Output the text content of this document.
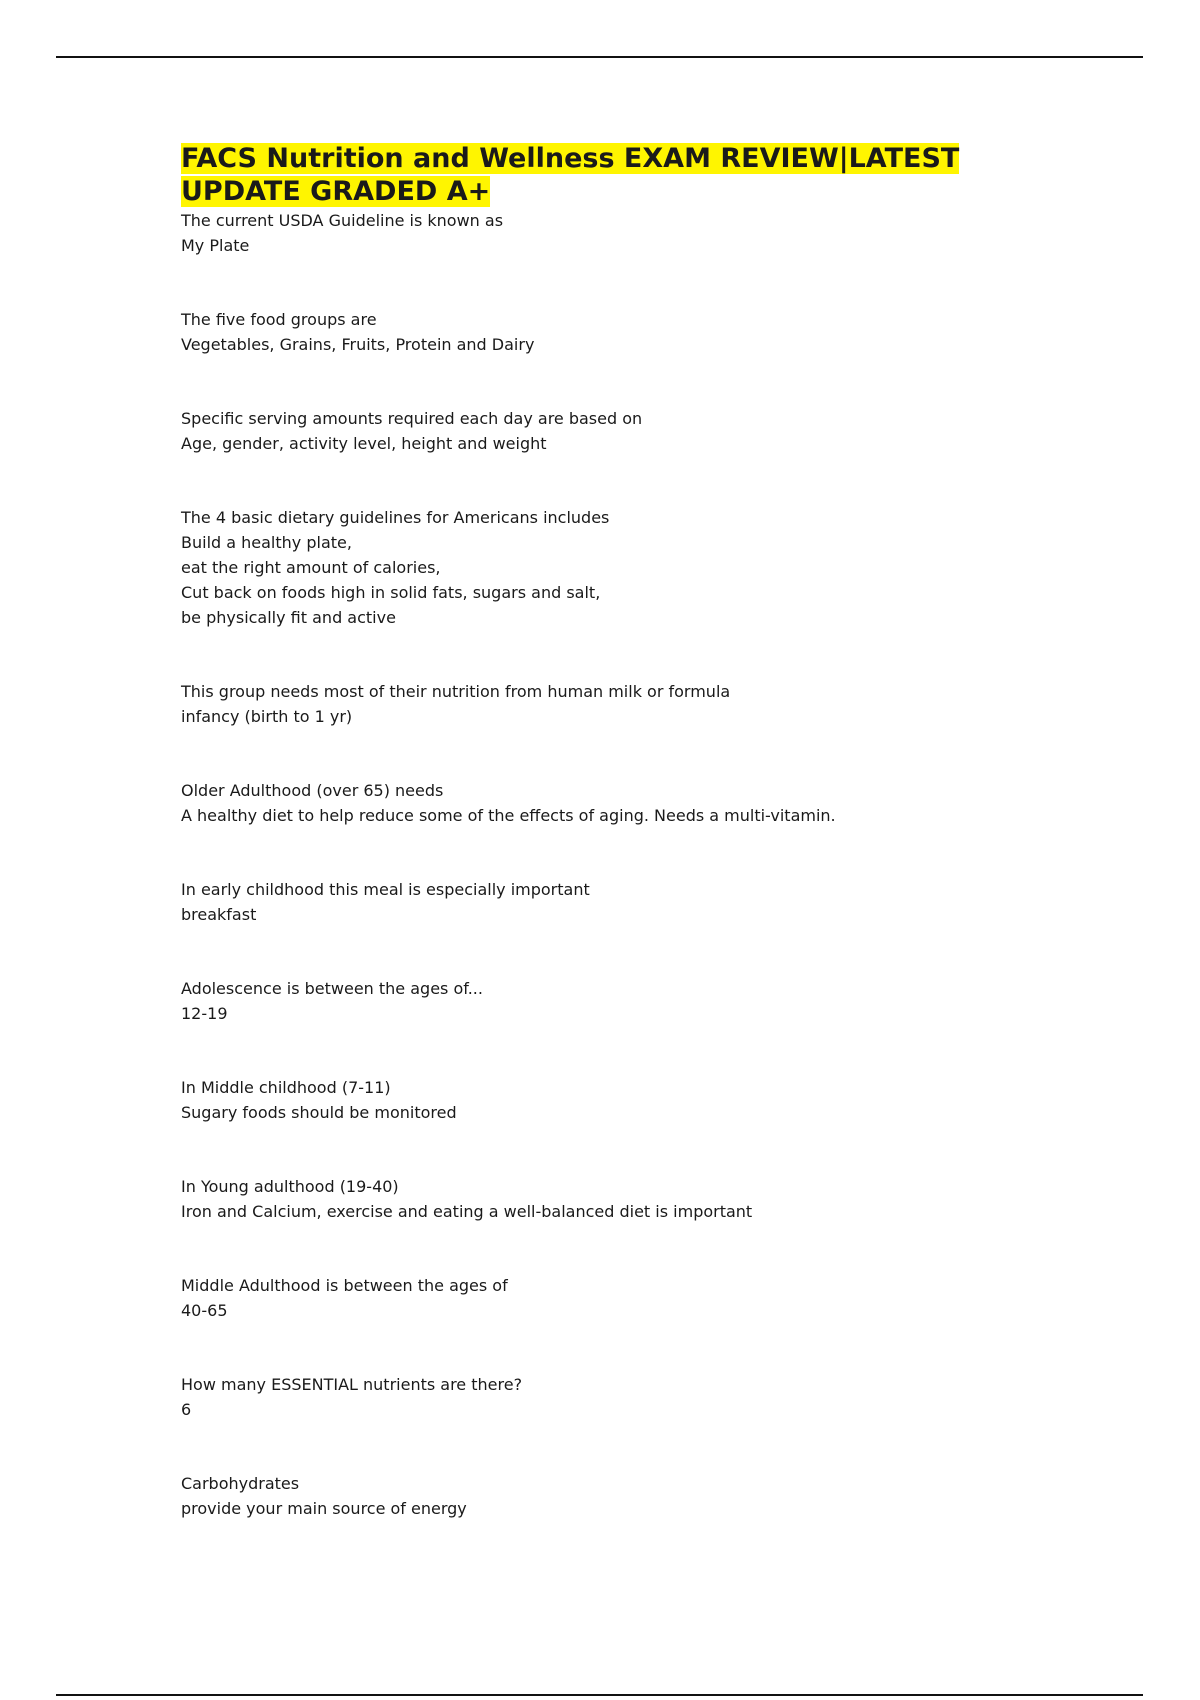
FACS Nutrition and Wellness EXAM REVIEW|LATEST UPDATE GRADED A+
The current USDA Guideline is known as
My Plate
The five food groups are
Vegetables, Grains, Fruits, Protein and Dairy
Specific serving amounts required each day are based on
Age, gender, activity level, height and weight
The 4 basic dietary guidelines for Americans includes
Build a healthy plate,
eat the right amount of calories,
Cut back on foods high in solid fats, sugars and salt,
be physically fit and active
This group needs most of their nutrition from human milk or formula
infancy (birth to 1 yr)
Older Adulthood (over 65) needs
A healthy diet to help reduce some of the effects of aging. Needs a multi-vitamin.
In early childhood this meal is especially important
breakfast
Adolescence is between the ages of...
12-19
In Middle childhood (7-11)
Sugary foods should be monitored
In Young adulthood (19-40)
Iron and Calcium, exercise and eating a well-balanced diet is important
Middle Adulthood is between the ages of
40-65
How many ESSENTIAL nutrients are there?
6
Carbohydrates
provide your main source of energy
